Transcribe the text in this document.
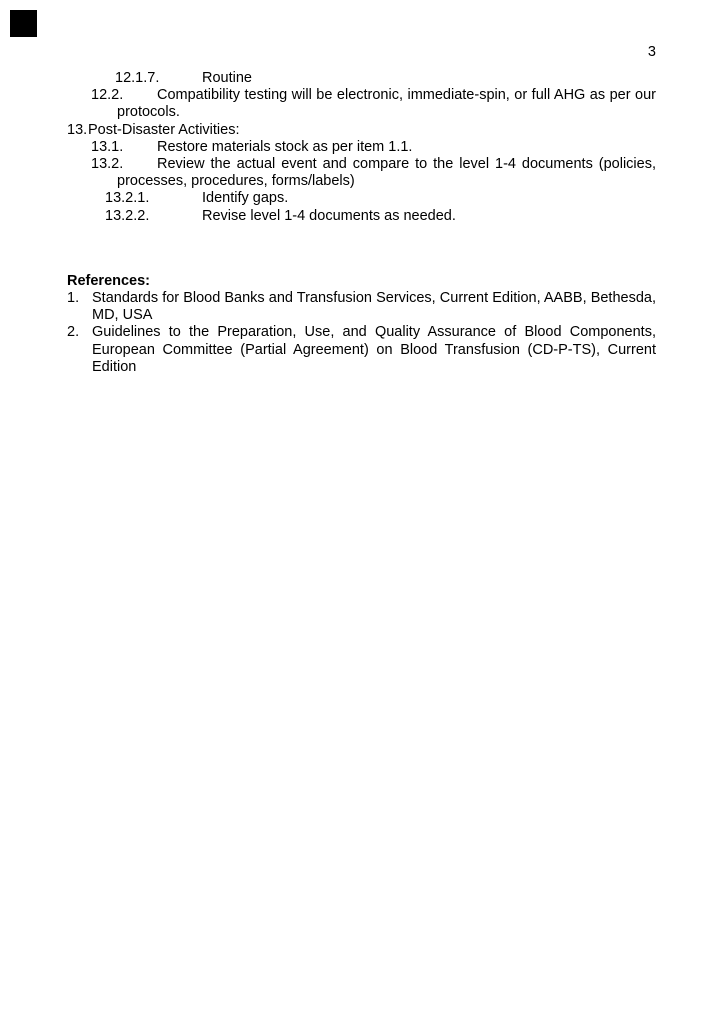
3
12.1.7.	Routine
12.2.	Compatibility testing will be electronic, immediate-spin, or full AHG as per our
protocols.
13. Post-Disaster Activities:
13.1.	Restore materials stock as per item 1.1.
13.2.	Review the actual event and compare to the level 1-4 documents (policies,
processes, procedures, forms/labels)
13.2.1.	Identify gaps.
13.2.2.	Revise level 1-4 documents as needed.
References:
1. Standards for Blood Banks and Transfusion Services, Current Edition, AABB, Bethesda,
MD, USA
2. Guidelines to the Preparation, Use, and Quality Assurance of Blood Components,
European Committee (Partial Agreement) on Blood Transfusion (CD-P-TS), Current
Edition
